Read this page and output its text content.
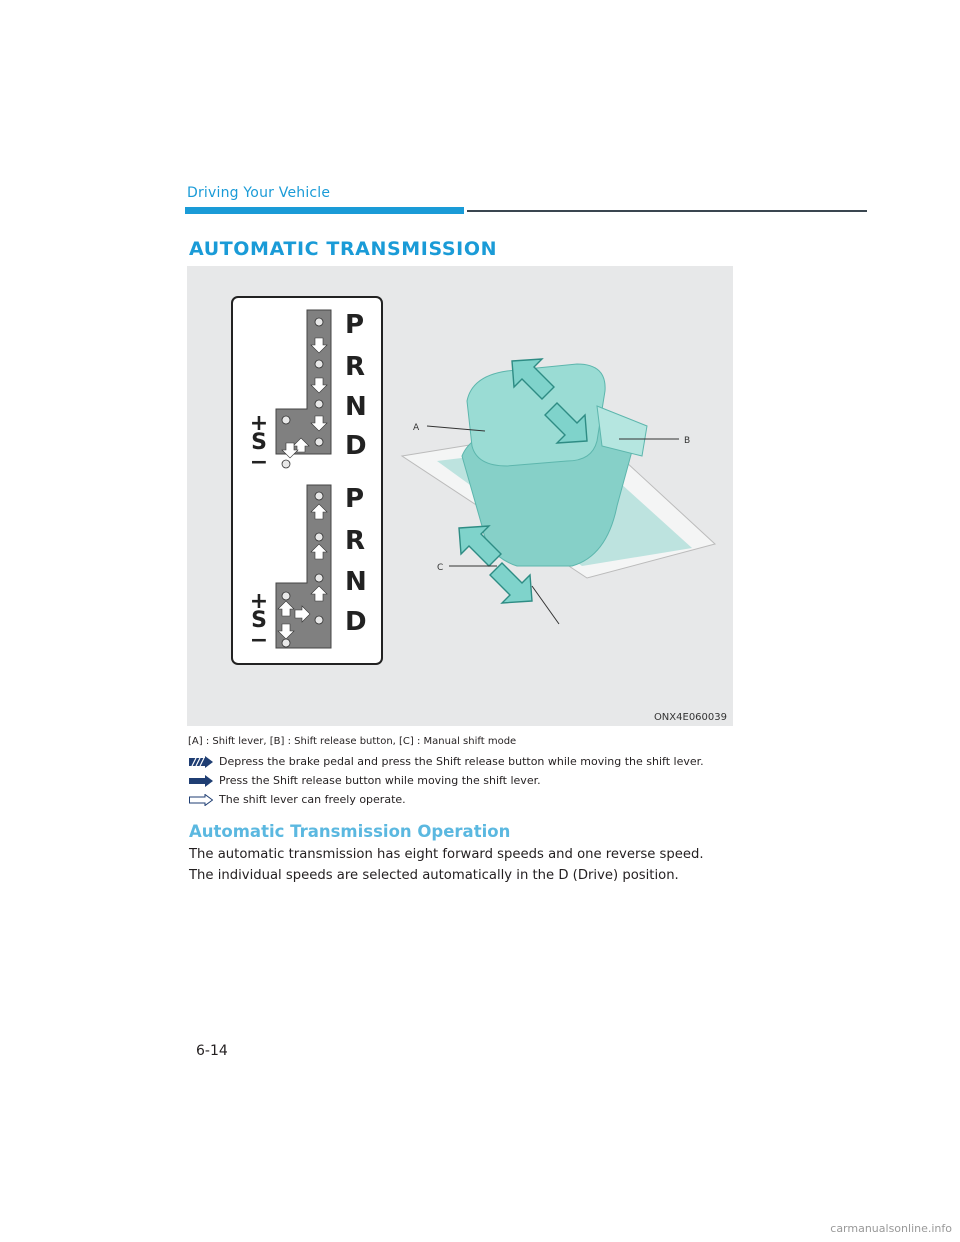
Driving Your Vehicle
AUTOMATIC TRANSMISSION
P
R
N
D
P
R
N
D
+
S
−
+
S
−
A
B
C
ONX4E060039
[A] : Shift lever, [B] : Shift release button, [C] : Manual shift mode
Depress the brake pedal and press the Shift release button while moving the shift lever.
Press the Shift release button while moving the shift lever.
The shift lever can freely operate.
Automatic Transmission Operation
The automatic transmission has eight forward speeds and one reverse speed.
The individual speeds are selected automatically in the D (Drive) position.
6-14
carmanualsonline.info
